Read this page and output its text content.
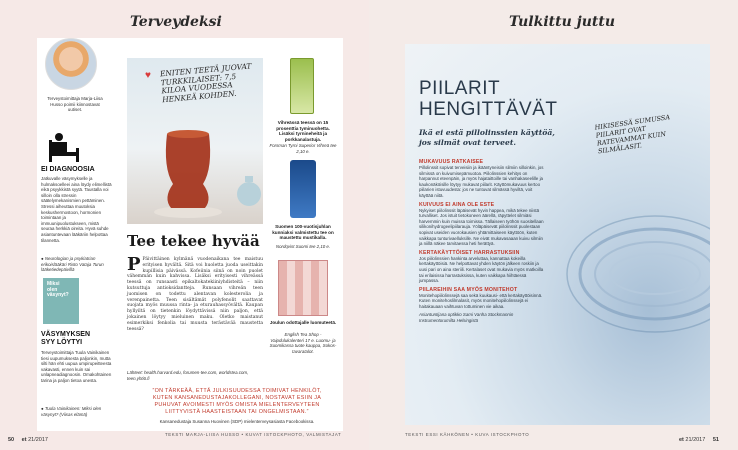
Terveydeksi
Terveystoimittaja Marja-Liisa Husso poimii kiinnostavat uutiset.
EI DIAGNOOSIA
Jatkuvalle väsymykselle ja hulmaksoelleei aina löydy elimellistä eikä psyykkistä syytä. Taustalla voi silloin olla stressin säätelymekanismien pettäminen. Stressi aiheuttaa muutoksia keskushermostoon, hormonien toimintaan ja immuunipuolustukseen, mistä seuraa herkkiä oireita. Hyvä suhde asiantuntevaan lääkäriin helpottaa tilannetta.
● Neurologian ja psykiatrian erikoislääkäri Risto Vataja Turun lääketiedepäivillä
Miksi
olen
väsynyt?
VÄSYMYKSEN
SYY LÖYTYI
Terveystoimittaja Tuula Vainikainen tiesi uupumuksesta paljonkin, mutta silti hän ehti uupua umpirupeitteesta vakavasti, ennen kuin sai unlapneadiagnoosin. Omakohtainen tarina ja paljon tietoa unesta.
● Tuula Vainikainen: Miksi olen väsynyt? (Viisas elämä)
♥	ENITEN TEETÄ JUOVAT TURKKILAISET: 7,5 KILOA VUODESSA HENKEÄ KOHDEN.
Tee tekee hyvää
P Päivittäinen kylmänä vuodenaikana tee maistuu erityisen hyvältä. Sitä voi huoletta juoda useittakin kupillisia päivässä. Kofeiinia siinä on noin puolet vähemmän kuin kahvissa. Lisäksi erityisesti vihreässä teessä on runsaasti epikaltokatekiiniyhdisteitä – niin kutsuttuja antioksidantteja. Runsaan vihreän teen juomisen on todettu alentavan kolesterolia ja verenpainetta. Teen sisältämät polyfenolit saattavat suojata myös muussa rinta- ja eturauhassyövältä. Kaupan hyllyiltä on tietenkin löydyttävissä niin paljon, että jokainen löytyy mieluinen maku. Oletko maistanut esimerkiksi fenkolia tai muusta terästävää maustetta teessä?
Lähteet: health.harvard.edu, forumen-tee.com, worldstea.com, teen.yhtiö.fi
Vihreässä teessä on 15 prosenttia tyminuohetta. Lisäksi tyrnineheitä ja porkkanalastuja.
Forsman Tyrni Superior Vihreä tee 2,10 e.
Suomen 100-vuotisjuhlan kunniaksi valmistettu tee on maustettu mustikalla.
Nordqvist Suomi tee 2,10 e.
Joulun odottajalle luomuteetä.
English Tea Shop - Vaipdulukalenteri 17 e. Luomu- ja Suomikassa tuote kauppa, Sokos-tavaratalot.
”ON TÄRKEÄÄ, ETTÄ JULKISUUDESSA TOIMIVAT HENKILÖT, KUTEN KANSANEDUSTAJAKOLLEGANI, NOSTAVAT ESIIN JA PUHUVAT AVOIMESTI MYÖS OMISTA MIELENTERVEYTEEN LIITTYVISTÄ HAASTEISTAAN TAI ONGELMISTAAN.”
Kansanedustaja Susanna Huovinen (SDP) mielenterveysasiasta Facebookissa.
TEKSTI MARJA-LIISA HUSSO • KUVAT ISTOCKPHOTO, VALMISTAJAT
50 et 21/2017
Tulkittu juttu
PIILARIT
HENGITTÄVÄT
HIKISESSÄ SUMUSSA PIILARIT OVAT RATEVAMMAT KUIN SILMÄLASIT.
Ikä ei estä pillolinssien käyttöä, jos silmät ovat terveet.
MUKAVUUS RATKAISEE
Pillolinssit sopivat terveisiin ja ikääntyneisiin silmiin silloinkin, jos silmissä on kuivumisepämuotoa. Piilolinssien kehitys on harpannut eteenpäin, ja myös hajataittoille tai vanhakaseelille ja kaukonäköisille löytyy mukavat piilarit. Käyttömukavuus kertoo piilarien istuvuudesta: jos ne tuntuvat silmässä hyviltä, voit käyttää niitä.
KUIVUUS EI AINA OLE ESTE
Nykyiset piilolinssit läpäisevät hyvin happea, mikä tekee niistä turvalliset. Jos istuit tietokoneen äärellä, räpyttelet silmiäsi harvemmin kuin muissa toimissa. Tällaiseen työhön suositellaan silikonihydrogeelipiilarauja. Yöläpäisevät piilolinssit puolestaan sopivat useiden vuorokausien yhtämittaiseen käyttöön, kuten vaikkapa tunturivaelluksille. Ne eivät mukavasaaan kuivu silmiin ja niillä näkee tarvitaessa heti herättyä.
KERTAKÄYTTÖISET HARRASTUKSIIN
Jos piilolinssien hankinta arveluttaa, kannattaa kokeilla kertakäyttöisiä. Ne helpottavat yhden käytön jälkeen roskiin ja uusi pari on aina steriili. Kertalaset ovat mukavia myös matkoilla tai erilaisissa harrastuksissa, kuten vaikkapa hiihtäessä jumpassa.
PIILAREIHIN SAA MYÖS MONITEHOT
Monitehopiilolinssejä saa sekä kuukausi- että kertakäyttöisinnä. Kuten monitehoslilmalasit, myös monitehopiilolinssejä ei haitakauaan vaihtuvan tottuminen vie aikaa.
Asiantuntijana optikko Sami Vanha Stockmannin Instrumentorumilta Helsingistä
TEKSTI ESSI KÄHKÖNEN • KUVA ISTOCKPHOTO
et 21/2017 51
